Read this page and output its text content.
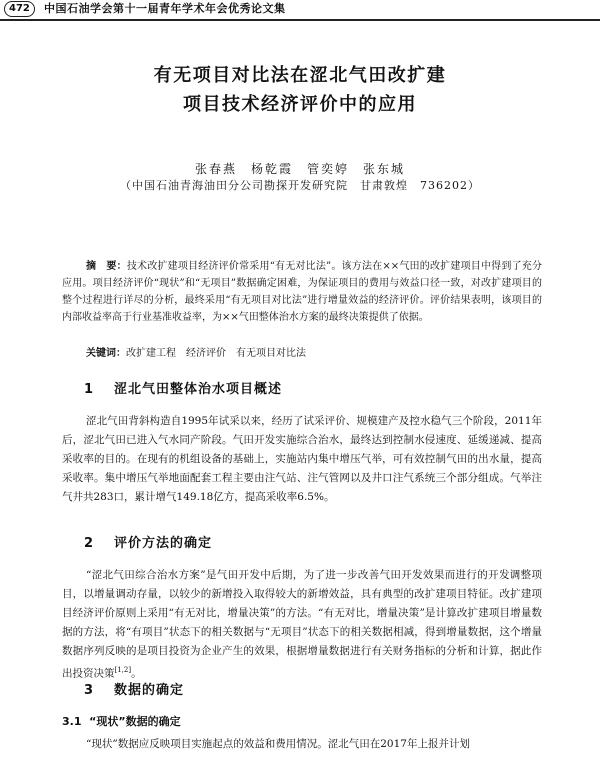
472	中国石油学会第十一届青年学术年会优秀论文集
有无项目对比法在涩北气田改扩建
项目技术经济评价中的应用
张春燕　杨乾霞　管奕婷　张东城
（中国石油青海油田分公司勘探开发研究院　甘肃敦煌　736202）
摘　要：技术改扩建项目经济评价常采用“有无对比法”。该方法在××气田的改扩建项目中得到了充分应用。项目经济评价“现状”和“无项目”数据确定困难，为保证项目的费用与效益口径一致，对改扩建项目的整个过程进行详尽的分析，最终采用“有无项目对比法”进行增量效益的经济评价。评价结果表明，该项目的内部收益率高于行业基准收益率，为××气田整体治水方案的最终决策提供了依据。
关键词：改扩建工程　经济评价　有无项目对比法
1 涩北气田整体治水项目概述
涩北气田背斜构造自1995年试采以来，经历了试采评价、规模建产及控水稳气三个阶段，2011年后，涩北气田已进入气水同产阶段。气田开发实施综合治水，最终达到控制水侵速度、延缓递减、提高采收率的目的。在现有的机组设备的基础上，实施站内集中增压气举，可有效控制气田的出水量，提高采收率。集中增压气举地面配套工程主要由注气站、注气管网以及井口注气系统三个部分组成。气举注气井共283口，累计增气149.18亿方，提高采收率6.5%。
2 评价方法的确定
“涩北气田综合治水方案”是气田开发中后期，为了进一步改善气田开发效果而进行的开发调整项目，以增量调动存量，以较少的新增投入取得较大的新增效益，具有典型的改扩建项目特征。改扩建项目经济评价原则上采用“有无对比，增量决策”的方法。“有无对比，增量决策”是计算改扩建项目增量数据的方法，将“有项目”状态下的相关数据与“无项目”状态下的相关数据相减，得到增量数据，这个增量数据序列反映的是项目投资为企业产生的效果，根据增量数据进行有关财务指标的分析和计算，据此作出投资决策[1,2]。
3 数据的确定
3.1 “现状”数据的确定
“现状”数据应反映项目实施起点的效益和费用情况。涩北气田在2017年上报并计划
